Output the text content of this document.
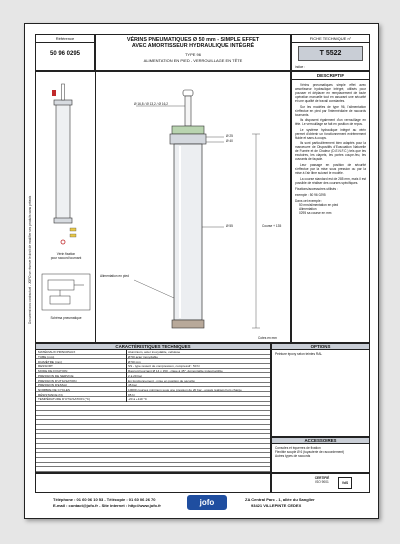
Référence
50 96 0295
VÉRINS PNEUMATIQUES Ø 50 mm - SIMPLE EFFET
AVEC AMORTISSEUR HYDRAULIQUE INTÉGRÉ
TYPE 96
ALIMENTATION EN PIED - VERROUILLAGE EN TÊTE
FICHE TECHNIQUE n°
T 5522
indice :
DESCRIPTIF
Vérins pneumatiques simple effet avec amortisseur hydraulique intégré, utilisés pour pousser et déplacer en remplacement de toute opération manuelle tout en assurant une sécurité et une qualité de travail constantes.
Sur les modèles de type 96, l'alimentation s'effectue en pied par l'intermédiaire de raccords tournants.
Ils disposent également d'un verrouillage en tête. Le verrouillage se fait en position de repos.
Le système hydraulique intégré au vérin permet d'obtenir un fonctionnement extrêmement fluide et sans à-coups.
Ils sont particulièrement bien adaptés pour la manœuvre de Dispositifs d'Evacuation Naturelle de Fumée et de Chaleur (D.E.N.F.C.) tels que les exutoires, les clapets, les portes coupe-feu, les ouvrants de façade.
Leur passage en position de sécurité s'effectue par la mise sous pression ou par la mise à l'air libre suivant le modèle.
La course standard est de 285 mm, mais il est possible de réaliser des courses spécifiques.
Fixations/accessoires utilisés :
exemple : 50 96 0295
Dans cet exemple :
50 mm/alimentation en pied
Alimentation
0295 sa course en mm
Vérin fixation
pour raccord tournant
Schéma pneumatique
Ø 16,8 / Ø 13,2 / Ø 16,2
Ø 25
Ø 40
Ø 55	Course + 135
Alimentation en pied
Cotes en mm
Document non contractuel - JOFO se réserve le droit de modifier ses produits sans préavis
CARACTÉRISTIQUES TECHNIQUES
MATÉRIAUX PRINCIPAUX	Aluminium, acier inoxydable, cellulose
TUBE (mm)	Ø 50 acier inoxydable
DIAMÈTRE (mm)	Ø 50 mm
RESSORT	SS - type ressort de compression, compressif : 50 N
MODE DE FIXATION	Raccord tournant Ø 14 x 150 - clase à 45°, démontable indestructible
PRESSION DE SERVICE	2 à 20 bar
PRESSION D'UTILISATION	En fonctionnement - mise en position de sécurité
PRESSION D'ESSAI	45 bar
NOMBRE DE CYCLES	10000 courses minimum sous une pression de 20 bar - essais réalisés hors charge
RÉSISTANCE (N)	85 N
TEMPÉRATURE D'UTILISATION (°C)	-20 à +110 °C
OPTIONS
Peinture époxy selon teintes RAL
ACCESSOIRES
Consoles et équerres de fixation
Flexible souple Ø 6 (tuyauterie de raccordement)
Autres types de raccords
CERTIFIÉ
ISO 9001	VdS
Téléphone : 01 60 06 10 53 - Télécopie : 01 60 06 26 70
E-mail : contact@jofo.fr - Site internet : http://www.jofo.fr	jofo	ZA Central Parc - 1, allée du Sanglier
93421 VILLEPINTE CEDEX
